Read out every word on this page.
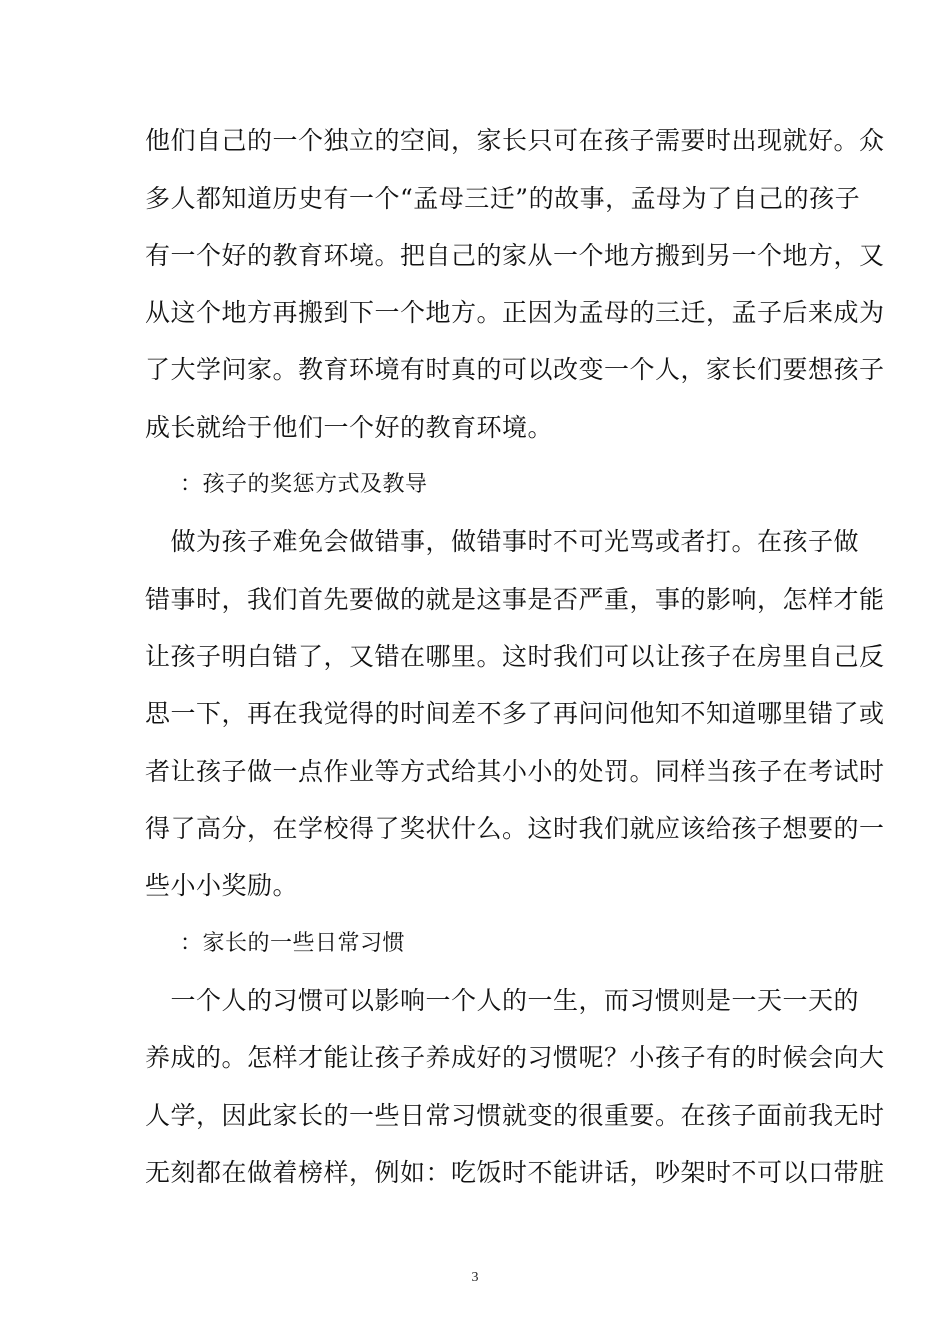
他们自己的一个独立的空间，家长只可在孩子需要时出现就好。众

多人都知道历史有一个“孟母三迁”的故事，孟母为了自己的孩子

有一个好的教育环境。把自己的家从一个地方搬到另一个地方，又

从这个地方再搬到下一个地方。正因为孟母的三迁，孟子后来成为

了大学问家。教育环境有时真的可以改变一个人，家长们要想孩子

成长就给于他们一个好的教育环境。

：孩子的奖惩方式及教导

　做为孩子难免会做错事，做错事时不可光骂或者打。在孩子做

错事时，我们首先要做的就是这事是否严重，事的影响，怎样才能

让孩子明白错了，又错在哪里。这时我们可以让孩子在房里自己反

思一下，再在我觉得的时间差不多了再问问他知不知道哪里错了或

者让孩子做一点作业等方式给其小小的处罚。同样当孩子在考试时

得了高分，在学校得了奖状什么。这时我们就应该给孩子想要的一

些小小奖励。

：家长的一些日常习惯

　一个人的习惯可以影响一个人的一生，而习惯则是一天一天的

养成的。怎样才能让孩子养成好的习惯呢？小孩子有的时候会向大

人学，因此家长的一些日常习惯就变的很重要。在孩子面前我无时

无刻都在做着榜样，例如：吃饭时不能讲话，吵架时不可以口带脏

3
